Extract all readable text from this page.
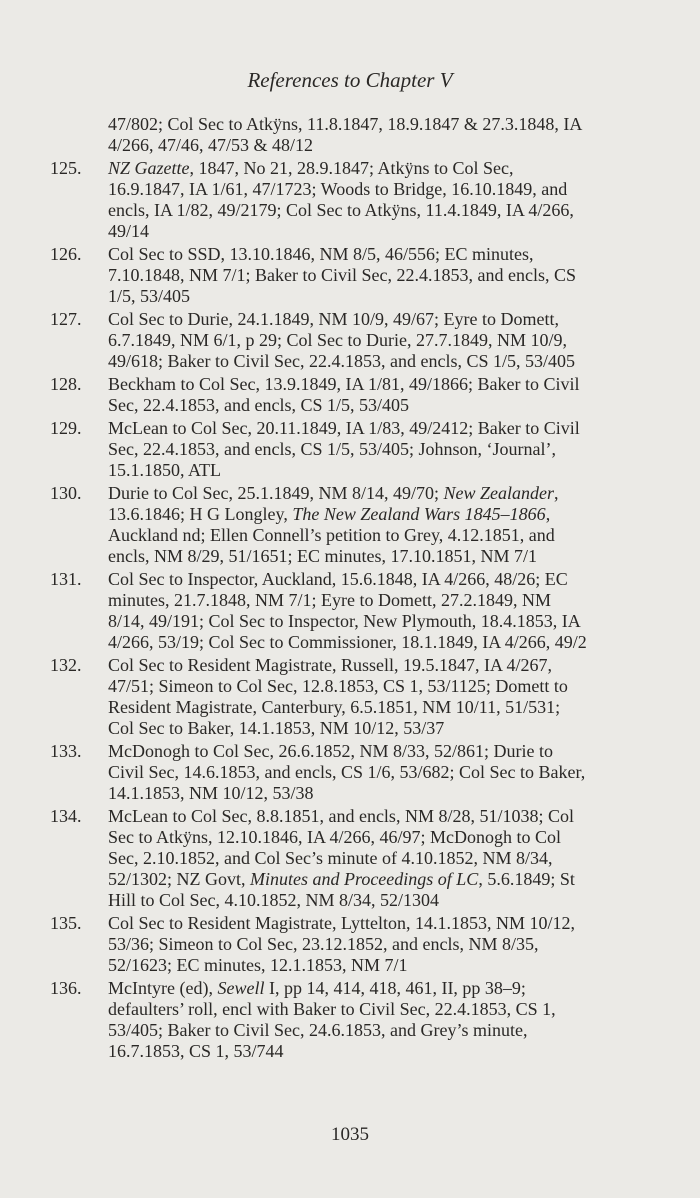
References to Chapter V
47/802; Col Sec to Atkÿns, 11.8.1847, 18.9.1847 & 27.3.1848, IA 4/266, 47/46, 47/53 & 48/12
125.	NZ Gazette, 1847, No 21, 28.9.1847; Atkÿns to Col Sec, 16.9.1847, IA 1/61, 47/1723; Woods to Bridge, 16.10.1849, and encls, IA 1/82, 49/2179; Col Sec to Atkÿns, 11.4.1849, IA 4/266, 49/14
126.	Col Sec to SSD, 13.10.1846, NM 8/5, 46/556; EC minutes, 7.10.1848, NM 7/1; Baker to Civil Sec, 22.4.1853, and encls, CS 1/5, 53/405
127.	Col Sec to Durie, 24.1.1849, NM 10/9, 49/67; Eyre to Domett, 6.7.1849, NM 6/1, p 29; Col Sec to Durie, 27.7.1849, NM 10/9, 49/618; Baker to Civil Sec, 22.4.1853, and encls, CS 1/5, 53/405
128.	Beckham to Col Sec, 13.9.1849, IA 1/81, 49/1866; Baker to Civil Sec, 22.4.1853, and encls, CS 1/5, 53/405
129.	McLean to Col Sec, 20.11.1849, IA 1/83, 49/2412; Baker to Civil Sec, 22.4.1853, and encls, CS 1/5, 53/405; Johnson, ‘Journal’, 15.1.1850, ATL
130.	Durie to Col Sec, 25.1.1849, NM 8/14, 49/70; New Zealander, 13.6.1846; H G Longley, The New Zealand Wars 1845–1866, Auckland nd; Ellen Connell’s petition to Grey, 4.12.1851, and encls, NM 8/29, 51/1651; EC minutes, 17.10.1851, NM 7/1
131.	Col Sec to Inspector, Auckland, 15.6.1848, IA 4/266, 48/26; EC minutes, 21.7.1848, NM 7/1; Eyre to Domett, 27.2.1849, NM 8/14, 49/191; Col Sec to Inspector, New Plymouth, 18.4.1853, IA 4/266, 53/19; Col Sec to Commissioner, 18.1.1849, IA 4/266, 49/2
132.	Col Sec to Resident Magistrate, Russell, 19.5.1847, IA 4/267, 47/51; Simeon to Col Sec, 12.8.1853, CS 1, 53/1125; Domett to Resident Magistrate, Canterbury, 6.5.1851, NM 10/11, 51/531; Col Sec to Baker, 14.1.1853, NM 10/12, 53/37
133.	McDonogh to Col Sec, 26.6.1852, NM 8/33, 52/861; Durie to Civil Sec, 14.6.1853, and encls, CS 1/6, 53/682; Col Sec to Baker, 14.1.1853, NM 10/12, 53/38
134.	McLean to Col Sec, 8.8.1851, and encls, NM 8/28, 51/1038; Col Sec to Atkÿns, 12.10.1846, IA 4/266, 46/97; McDonogh to Col Sec, 2.10.1852, and Col Sec’s minute of 4.10.1852, NM 8/34, 52/1302; NZ Govt, Minutes and Proceedings of LC, 5.6.1849; St Hill to Col Sec, 4.10.1852, NM 8/34, 52/1304
135.	Col Sec to Resident Magistrate, Lyttelton, 14.1.1853, NM 10/12, 53/36; Simeon to Col Sec, 23.12.1852, and encls, NM 8/35, 52/1623; EC minutes, 12.1.1853, NM 7/1
136.	McIntyre (ed), Sewell I, pp 14, 414, 418, 461, II, pp 38–9; defaulters’ roll, encl with Baker to Civil Sec, 22.4.1853, CS 1, 53/405; Baker to Civil Sec, 24.6.1853, and Grey’s minute, 16.7.1853, CS 1, 53/744
1035
